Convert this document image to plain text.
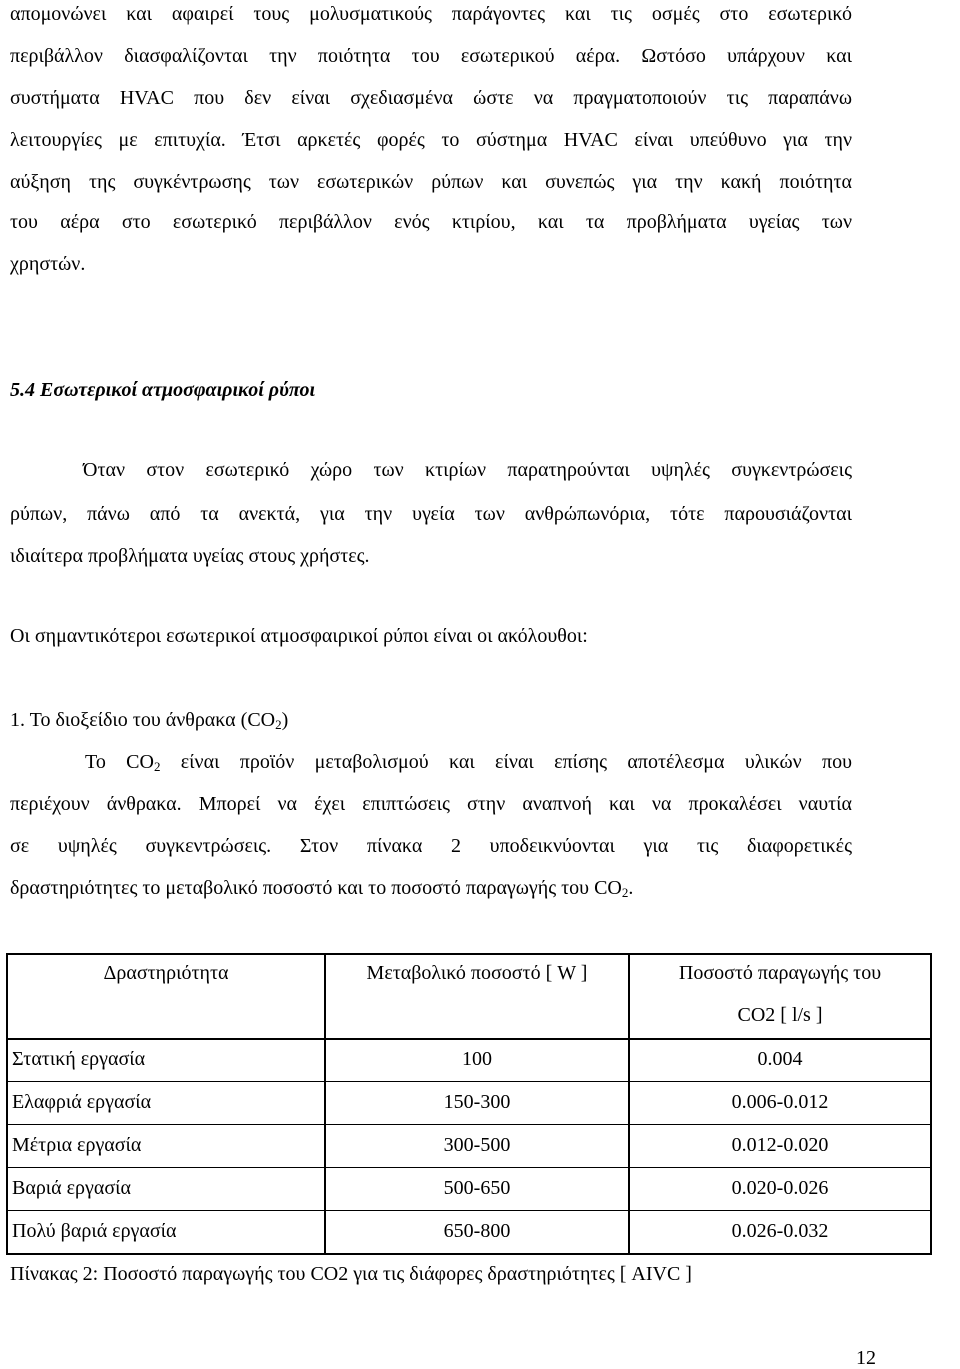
απομονώνει και αφαιρεί τους μολυσματικούς παράγοντες και τις οσμές στο εσωτερικό
περιβάλλον διασφαλίζονται την ποιότητα του εσωτερικού αέρα. Ωστόσο υπάρχουν και
συστήματα HVAC που δεν είναι σχεδιασμένα ώστε να πραγματοποιούν τις παραπάνω
λειτουργίες με επιτυχία. Έτσι αρκετές φορές το σύστημα HVAC είναι υπεύθυνο για την
αύξηση της συγκέντρωσης των εσωτερικών ρύπων και συνεπώς για την κακή ποιότητα
του αέρα στο εσωτερικό περιβάλλον ενός κτιρίου, και τα προβλήματα υγείας των
χρηστών.
5.4 Εσωτερικοί ατμοσφαιρικοί ρύποι
Όταν στον εσωτερικό χώρο των κτιρίων παρατηρούνται υψηλές συγκεντρώσεις
ρύπων, πάνω από τα ανεκτά, για την υγεία των ανθρώπωνόρια, τότε παρουσιάζονται
ιδιαίτερα προβλήματα υγείας στους χρήστες.
Οι σημαντικότεροι εσωτερικοί ατμοσφαιρικοί ρύποι είναι οι ακόλουθοι:
1. Το διοξείδιο του άνθρακα $(CO_2)$
Το $CO_2$ είναι προϊόν μεταβολισμού και είναι επίσης αποτέλεσμα υλικών που
περιέχουν άνθρακα. Μπορεί να έχει επιπτώσεις στην αναπνοή και να προκαλέσει ναυτία
σε υψηλές συγκεντρώσεις. Στον πίνακα 2 υποδεικνύονται για τις διαφορετικές
δραστηριότητες το μεταβολικό ποσοστό και το ποσοστό παραγωγής του $CO_2$.
Δραστηριότητα	Μεταβολικό ποσοστό [ W ]	Ποσοστό παραγωγής του
CO2 [ l/s ]
Στατική εργασία	100	0.004
Ελαφριά εργασία	150-300	0.006-0.012
Μέτρια εργασία	300-500	0.012-0.020
Βαριά εργασία	500-650	0.020-0.026
Πολύ βαριά εργασία	650-800	0.026-0.032
Πίνακας 2: Ποσοστό παραγωγής του CO2 για τις διάφορες δραστηριότητες [ AIVC ]
12
